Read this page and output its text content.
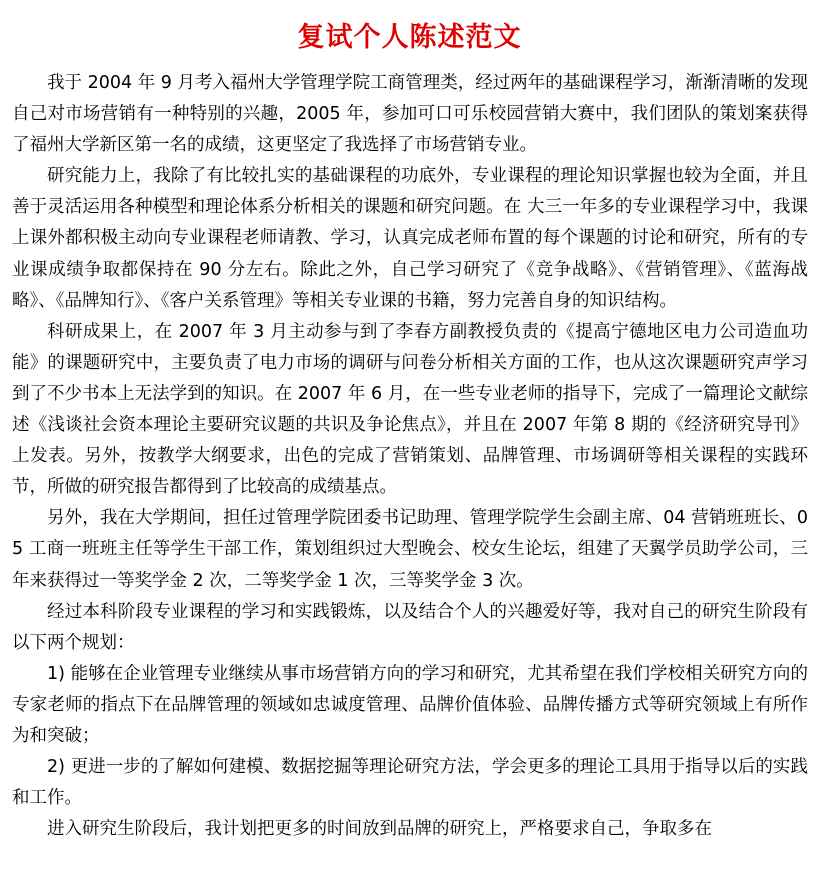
复试个人陈述范文

我于 2004 年 9 月考入福州大学管理学院工商管理类，经过两年的基础课程学习，渐渐清晰的发现自己对市场营销有一种特别的兴趣，2005 年，参加可口可乐校园营销大赛中，我们团队的策划案获得了福州大学新区第一名的成绩，这更坚定了我选择了市场营销专业。

研究能力上，我除了有比较扎实的基础课程的功底外，专业课程的理论知识掌握也较为全面，并且善于灵活运用各种模型和理论体系分析相关的课题和研究问题。在 大三一年多的专业课程学习中，我课上课外都积极主动向专业课程老师请教、学习，认真完成老师布置的每个课题的讨论和研究，所有的专业课成绩争取都保持在 90 分左右。除此之外，自己学习研究了《竞争战略》、《营销管理》、《蓝海战略》、《品牌知行》、《客户关系管理》等相关专业课的书籍，努力完善自身的知识结构。

科研成果上，在 2007 年 3 月主动参与到了李春方副教授负责的《提高宁德地区电力公司造血功能》的课题研究中，主要负责了电力市场的调研与问卷分析相关方面的工作，也从这次课题研究声学习到了不少书本上无法学到的知识。在 2007 年 6 月，在一些专业老师的指导下，完成了一篇理论文献综述《浅谈社会资本理论主要研究议题的共识及争论焦点》，并且在 2007 年第 8 期的《经济研究导刊》上发表。另外，按教学大纲要求，出色的完成了营销策划、品牌管理、市场调研等相关课程的实践环节，所做的研究报告都得到了比较高的成绩基点。

另外，我在大学期间，担任过管理学院团委书记助理、管理学院学生会副主席、04 营销班班长、05 工商一班班主任等学生干部工作，策划组织过大型晚会、校女生论坛，组建了天翼学员助学公司，三年来获得过一等奖学金 2 次，二等奖学金 1 次，三等奖学金 3 次。

经过本科阶段专业课程的学习和实践锻炼，以及结合个人的兴趣爱好等，我对自己的研究生阶段有以下两个规划：

1) 能够在企业管理专业继续从事市场营销方向的学习和研究，尤其希望在我们学校相关研究方向的专家老师的指点下在品牌管理的领域如忠诚度管理、品牌价值体验、品牌传播方式等研究领域上有所作为和突破；

2) 更进一步的了解如何建模、数据挖掘等理论研究方法，学会更多的理论工具用于指导以后的实践和工作。

进入研究生阶段后，我计划把更多的时间放到品牌的研究上，严格要求自己，争取多在
